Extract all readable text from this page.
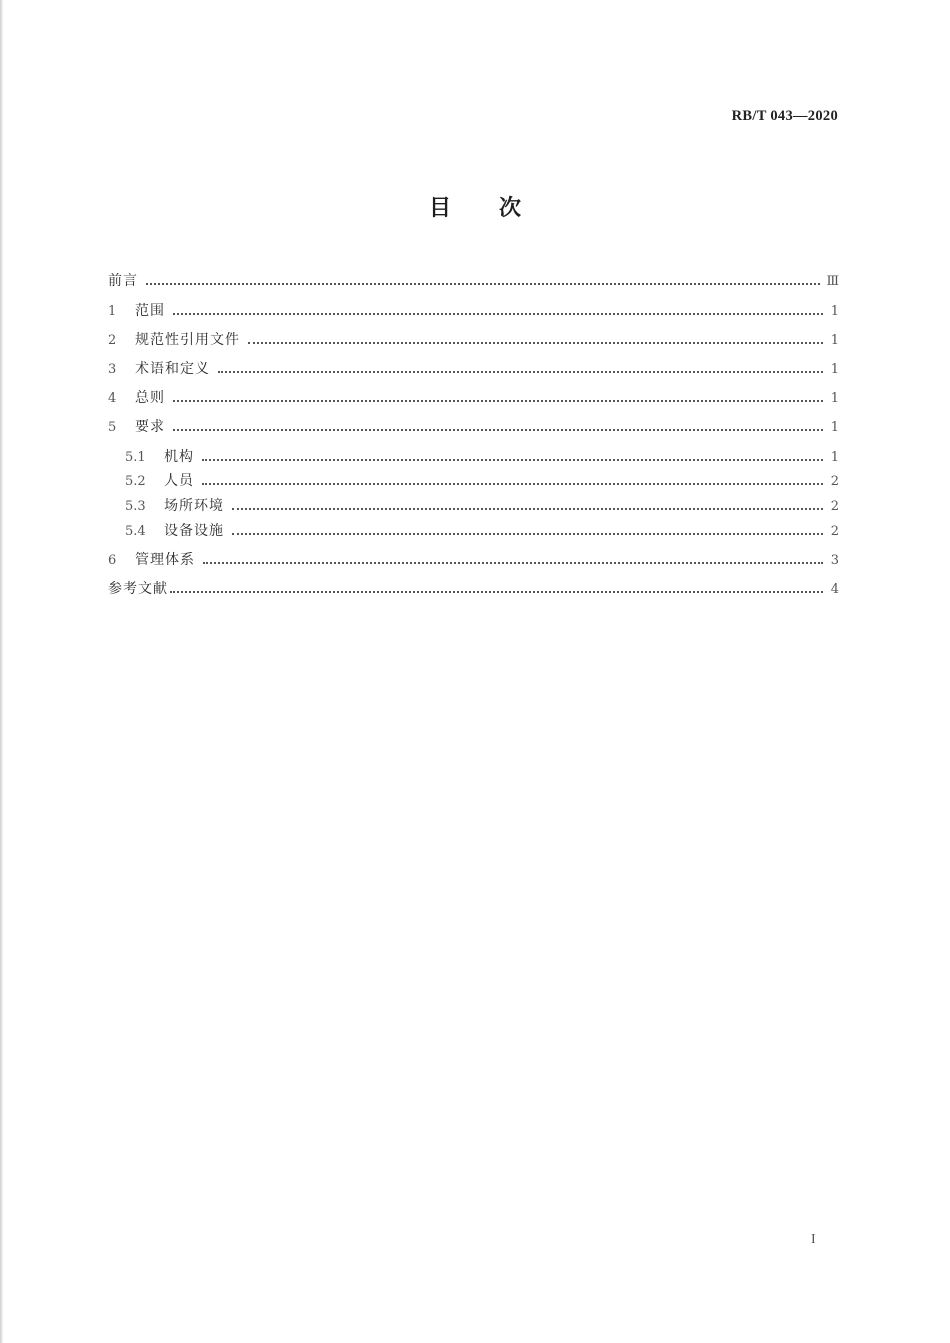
RB/T 043—2020
目次
前言	Ⅲ
1	范围	1
2	规范性引用文件	1
3	术语和定义	1
4	总则	1
5	要求	1
5.1	机构	1
5.2	人员	2
5.3	场所环境	2
5.4	设备设施	2
6	管理体系	3
参考文献	4
I
